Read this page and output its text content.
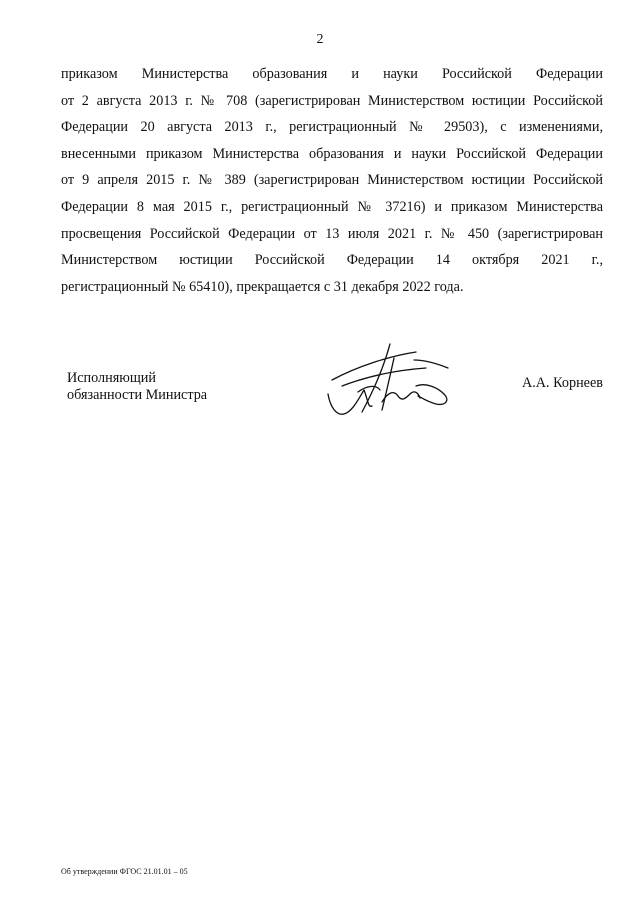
2
приказом Министерства образования и науки Российской Федерации
от 2 августа 2013 г. № 708 (зарегистрирован Министерством юстиции Российской
Федерации 20 августа 2013 г., регистрационный № 29503), с изменениями,
внесенными приказом Министерства образования и науки Российской Федерации
от 9 апреля 2015 г. № 389 (зарегистрирован Министерством юстиции Российской
Федерации 8 мая 2015 г., регистрационный № 37216) и приказом Министерства
просвещения Российской Федерации от 13 июля 2021 г. № 450 (зарегистрирован
Министерством юстиции Российской Федерации 14 октября 2021 г.,
регистрационный № 65410), прекращается с 31 декабря 2022 года.
Исполняющий
обязанности Министра
А.А. Корнеев
Об утверждении ФГОС 21.01.01 – 05
